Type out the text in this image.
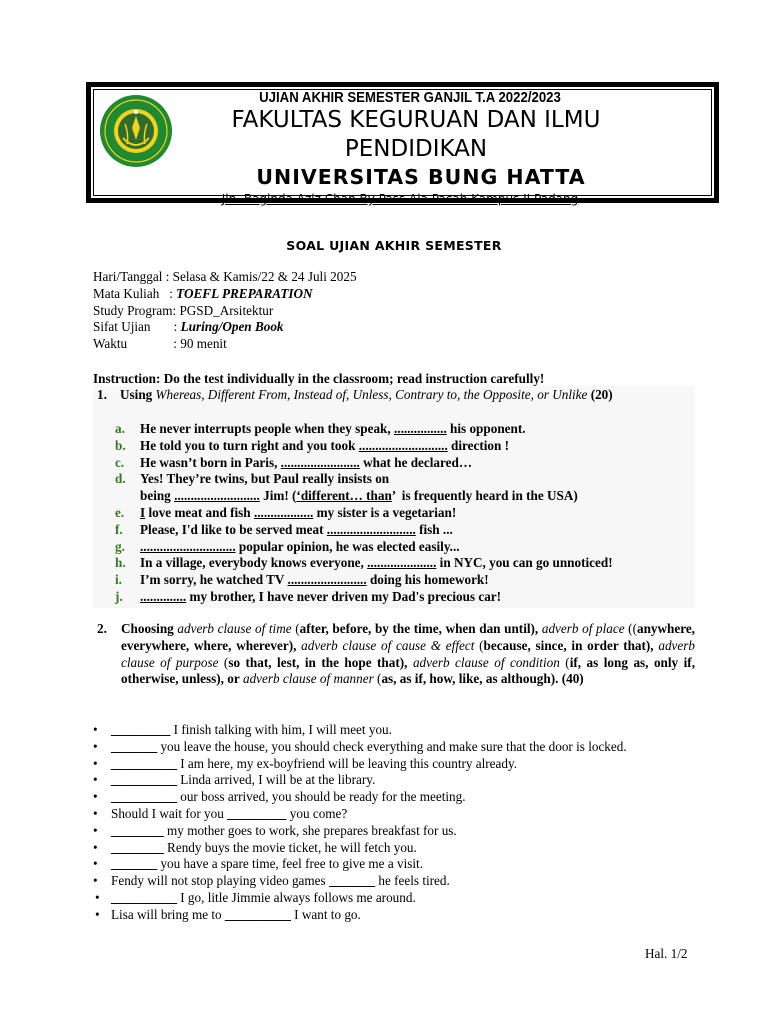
Jln. Baginda Aziz Chan By Pass Aia Pacah Kampus II Padang
UJIAN AKHIR SEMESTER GANJIL T.A 2022/2023
FAKULTAS KEGURUAN DAN ILMU
PENDIDIKAN
UNIVERSITAS BUNG HATTA
SOAL UJIAN AKHIR SEMESTER
Hari/Tanggal : Selasa & Kamis/22 & 24 Juli 2025
Mata Kuliah   : TOEFL PREPARATION
Study Program: PGSD_Arsitektur
Sifat Ujian       : Luring/Open Book
Waktu              : 90 menit
Instruction: Do the test individually in the classroom; read instruction carefully!
1. Using Whereas, Different From, Instead of, Unless, Contrary to, the Opposite, or Unlike (20)
a. He never interrupts people when they speak, ................ his opponent.
b. He told you to turn right and you took ........................... direction !
c. He wasn’t born in Paris, ........................ what he declared…
d. Yes! They’re twins, but Paul really insists on
being .......................... Jim! (‘different… than’  is frequently heard in the USA)
e. I love meat and fish .................. my sister is a vegetarian!
f. Please, I'd like to be served meat ........................... fish ...
g. ............................. popular opinion, he was elected easily...
h. In a village, everybody knows everyone, ..................... in NYC, you can go unnoticed!
i. I’m sorry, he watched TV ........................ doing his homework!
j. .............. my brother, I have never driven my Dad's precious car!
2. Choosing adverb clause of time (after, before, by the time, when dan until), adverb of place ((anywhere, everywhere, where, wherever), adverb clause of cause & effect (because, since, in order that), adverb clause of purpose (so that, lest, in the hope that), adverb clause of condition (if, as long as, only if, otherwise, unless), or adverb clause of manner (as, as if, how, like, as although). (40)
• _________ I finish talking with him, I will meet you.
• _______ you leave the house, you should check everything and make sure that the door is locked.
• __________ I am here, my ex-boyfriend will be leaving this country already.
• __________ Linda arrived, I will be at the library.
• __________ our boss arrived, you should be ready for the meeting.
• Should I wait for you _________ you come?
• ________ my mother goes to work, she prepares breakfast for us.
• ________ Rendy buys the movie ticket, he will fetch you.
• _______ you have a spare time, feel free to give me a visit.
• Fendy will not stop playing video games _______ he feels tired.
• __________ I go, litle Jimmie always follows me around.
• Lisa will bring me to __________ I want to go.
Hal. 1/2
